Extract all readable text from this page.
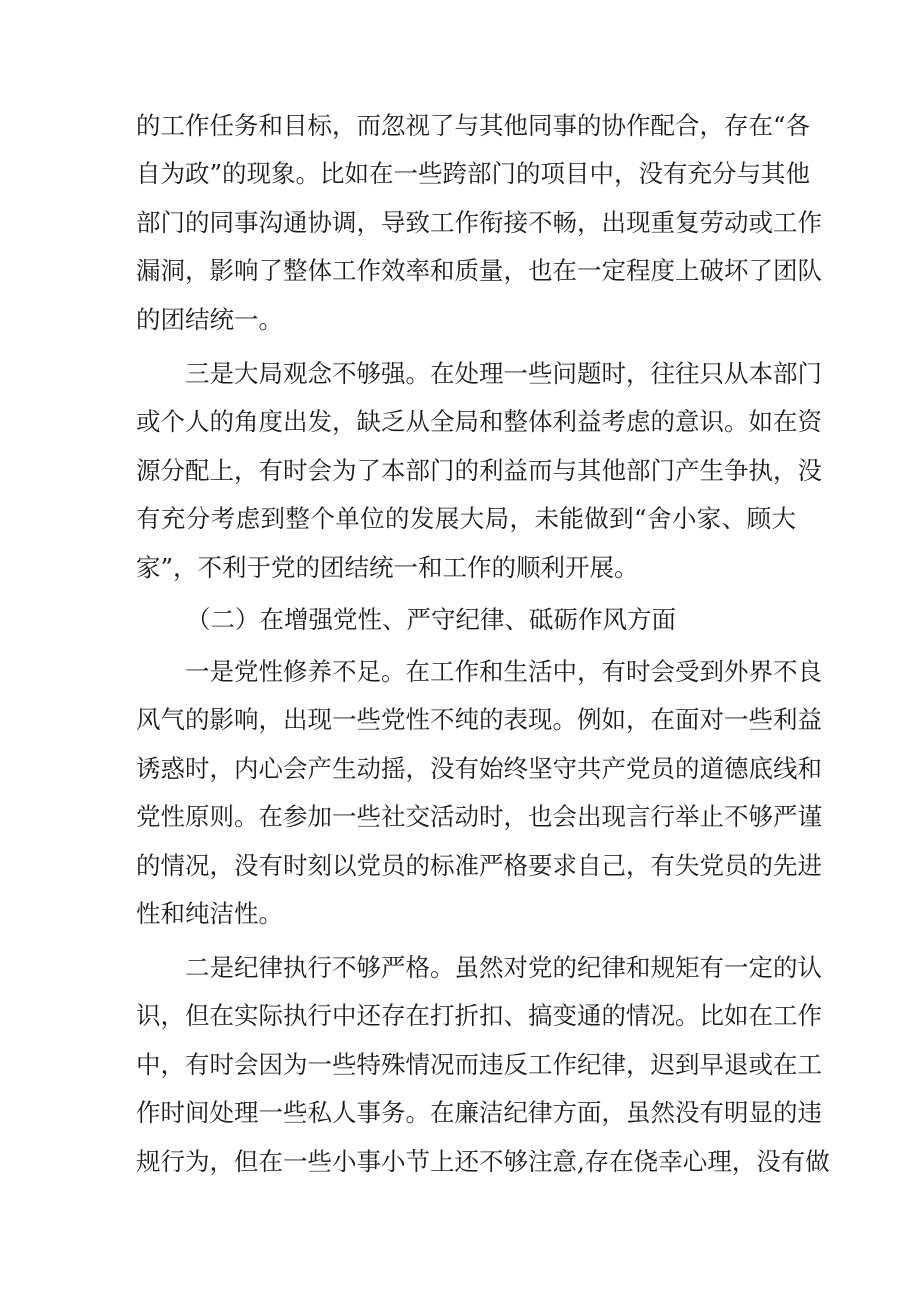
的工作任务和目标，而忽视了与其他同事的协作配合，存在“各
自为政”的现象。比如在一些跨部门的项目中，没有充分与其他
部门的同事沟通协调，导致工作衔接不畅，出现重复劳动或工作
漏洞，影响了整体工作效率和质量，也在一定程度上破坏了团队
的团结统一。
三是大局观念不够强。在处理一些问题时，往往只从本部门
或个人的角度出发，缺乏从全局和整体利益考虑的意识。如在资
源分配上，有时会为了本部门的利益而与其他部门产生争执，没
有充分考虑到整个单位的发展大局，未能做到“舍小家、顾大
家”，不利于党的团结统一和工作的顺利开展。
（二）在增强党性、严守纪律、砥砺作风方面
一是党性修养不足。在工作和生活中，有时会受到外界不良
风气的影响，出现一些党性不纯的表现。例如，在面对一些利益
诱惑时，内心会产生动摇，没有始终坚守共产党员的道德底线和
党性原则。在参加一些社交活动时，也会出现言行举止不够严谨
的情况，没有时刻以党员的标准严格要求自己，有失党员的先进
性和纯洁性。
二是纪律执行不够严格。虽然对党的纪律和规矩有一定的认
识，但在实际执行中还存在打折扣、搞变通的情况。比如在工作
中，有时会因为一些特殊情况而违反工作纪律，迟到早退或在工
作时间处理一些私人事务。在廉洁纪律方面，虽然没有明显的违
规行为，但在一些小事小节上还不够注意,存在侥幸心理，没有做
